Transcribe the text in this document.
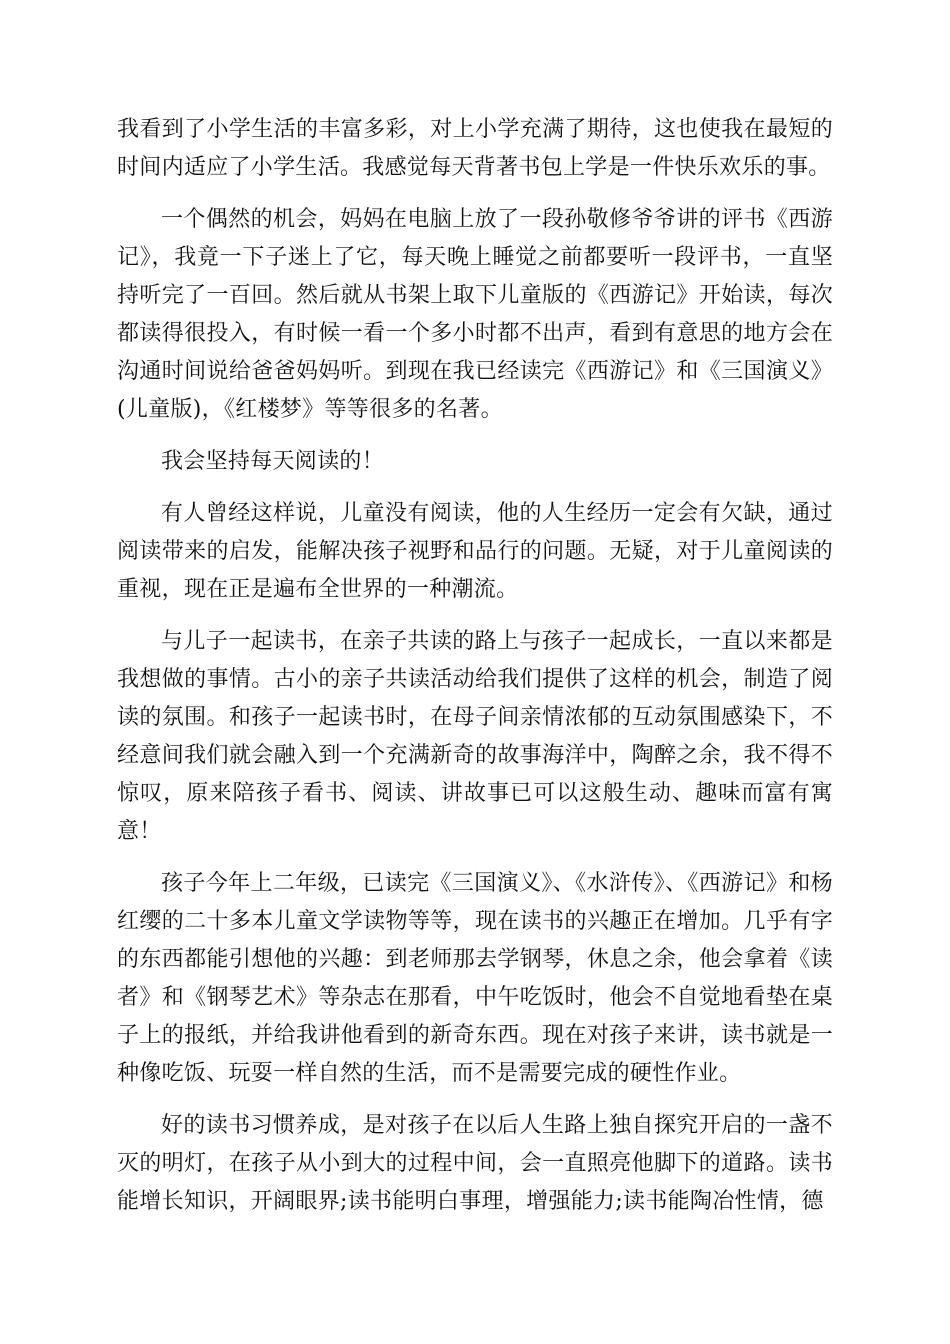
我看到了小学生活的丰富多彩，对上小学充满了期待，这也使我在最短的时间内适应了小学生活。我感觉每天背著书包上学是一件快乐欢乐的事。

一个偶然的机会，妈妈在电脑上放了一段孙敬修爷爷讲的评书《西游记》，我竟一下子迷上了它，每天晚上睡觉之前都要听一段评书，一直坚持听完了一百回。然后就从书架上取下儿童版的《西游记》开始读，每次都读得很投入，有时候一看一个多小时都不出声，看到有意思的地方会在沟通时间说给爸爸妈妈听。到现在我已经读完《西游记》和《三国演义》(儿童版)，《红楼梦》等等很多的名著。

我会坚持每天阅读的！

有人曾经这样说，儿童没有阅读，他的人生经历一定会有欠缺，通过阅读带来的启发，能解决孩子视野和品行的问题。无疑，对于儿童阅读的重视，现在正是遍布全世界的一种潮流。

与儿子一起读书，在亲子共读的路上与孩子一起成长，一直以来都是我想做的事情。古小的亲子共读活动给我们提供了这样的机会，制造了阅读的氛围。和孩子一起读书时，在母子间亲情浓郁的互动氛围感染下，不经意间我们就会融入到一个充满新奇的故事海洋中，陶醉之余，我不得不惊叹，原来陪孩子看书、阅读、讲故事已可以这般生动、趣味而富有寓意！

孩子今年上二年级，已读完《三国演义》、《水浒传》、《西游记》和杨红缨的二十多本儿童文学读物等等，现在读书的兴趣正在增加。几乎有字的东西都能引想他的兴趣：到老师那去学钢琴，休息之余，他会拿着《读者》和《钢琴艺术》等杂志在那看，中午吃饭时，他会不自觉地看垫在桌子上的报纸，并给我讲他看到的新奇东西。现在对孩子来讲，读书就是一种像吃饭、玩耍一样自然的生活，而不是需要完成的硬性作业。

好的读书习惯养成，是对孩子在以后人生路上独自探究开启的一盏不灭的明灯，在孩子从小到大的过程中间，会一直照亮他脚下的道路。读书能增长知识，开阔眼界;读书能明白事理，增强能力;读书能陶冶性情，德
